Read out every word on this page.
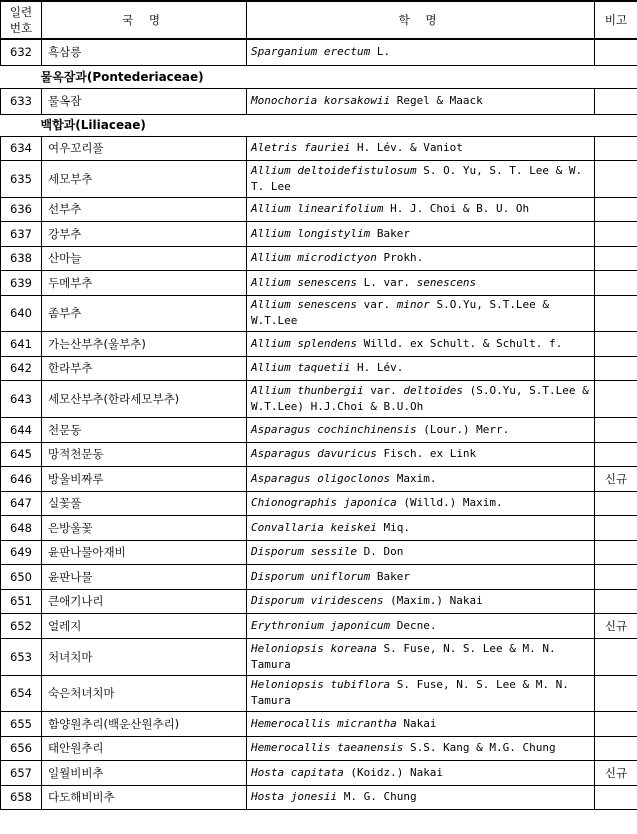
일련
번호	국 명	학 명	비고
632	흑삼릉	Sparganium erectum L.	
물옥잠과(Pontederiaceae)			
633	물옥잠	Monochoria korsakowii Regel & Maack	
백합과(Liliaceae)			
634	여우꼬리풀	Aletris fauriei H. Lév. & Vaniot	
635	세모부추	Allium deltoidefistulosum S. O. Yu, S. T. Lee & W. T. Lee	
636	선부추	Allium linearifolium H. J. Choi & B. U. Oh	
637	강부추	Allium longistylim Baker	
638	산마늘	Allium microdictyon Prokh.	
639	두메부추	Allium senescens L. var. senescens	
640	좀부추	Allium senescens var. minor S.O.Yu, S.T.Lee & W.T.Lee	
641	가는산부추(울부추)	Allium splendens Willd. ex Schult. & Schult. f.	
642	한라부추	Allium taquetii H. Lév.	
643	세모산부추(한라세모부추)	Allium thunbergii var. deltoides (S.O.Yu, S.T.Lee & W.T.Lee) H.J.Choi & B.U.Oh	
644	천문동	Asparagus cochinchinensis (Lour.) Merr.	
645	망적천문동	Asparagus davuricus Fisch. ex Link	
646	방울비짜루	Asparagus oligoclonos Maxim.	신규
647	실꽃풀	Chionographis japonica (Willd.) Maxim.	
648	은방울꽃	Convallaria keiskei Miq.	
649	윤판나물아재비	Disporum sessile D. Don	
650	윤판나물	Disporum uniflorum Baker	
651	큰애기나리	Disporum viridescens (Maxim.) Nakai	
652	얼레지	Erythronium japonicum Decne.	신규
653	처녀치마	Heloniopsis koreana S. Fuse, N. S. Lee & M. N. Tamura	
654	숙은처녀치마	Heloniopsis tubiflora S. Fuse, N. S. Lee & M. N. Tamura	
655	함양원추리(백운산원추리)	Hemerocallis micrantha Nakai	
656	태안원추리	Hemerocallis taeanensis S.S. Kang & M.G. Chung	
657	일월비비추	Hosta capitata (Koidz.) Nakai	신규
658	다도해비비추	Hosta jonesii M. G. Chung	
